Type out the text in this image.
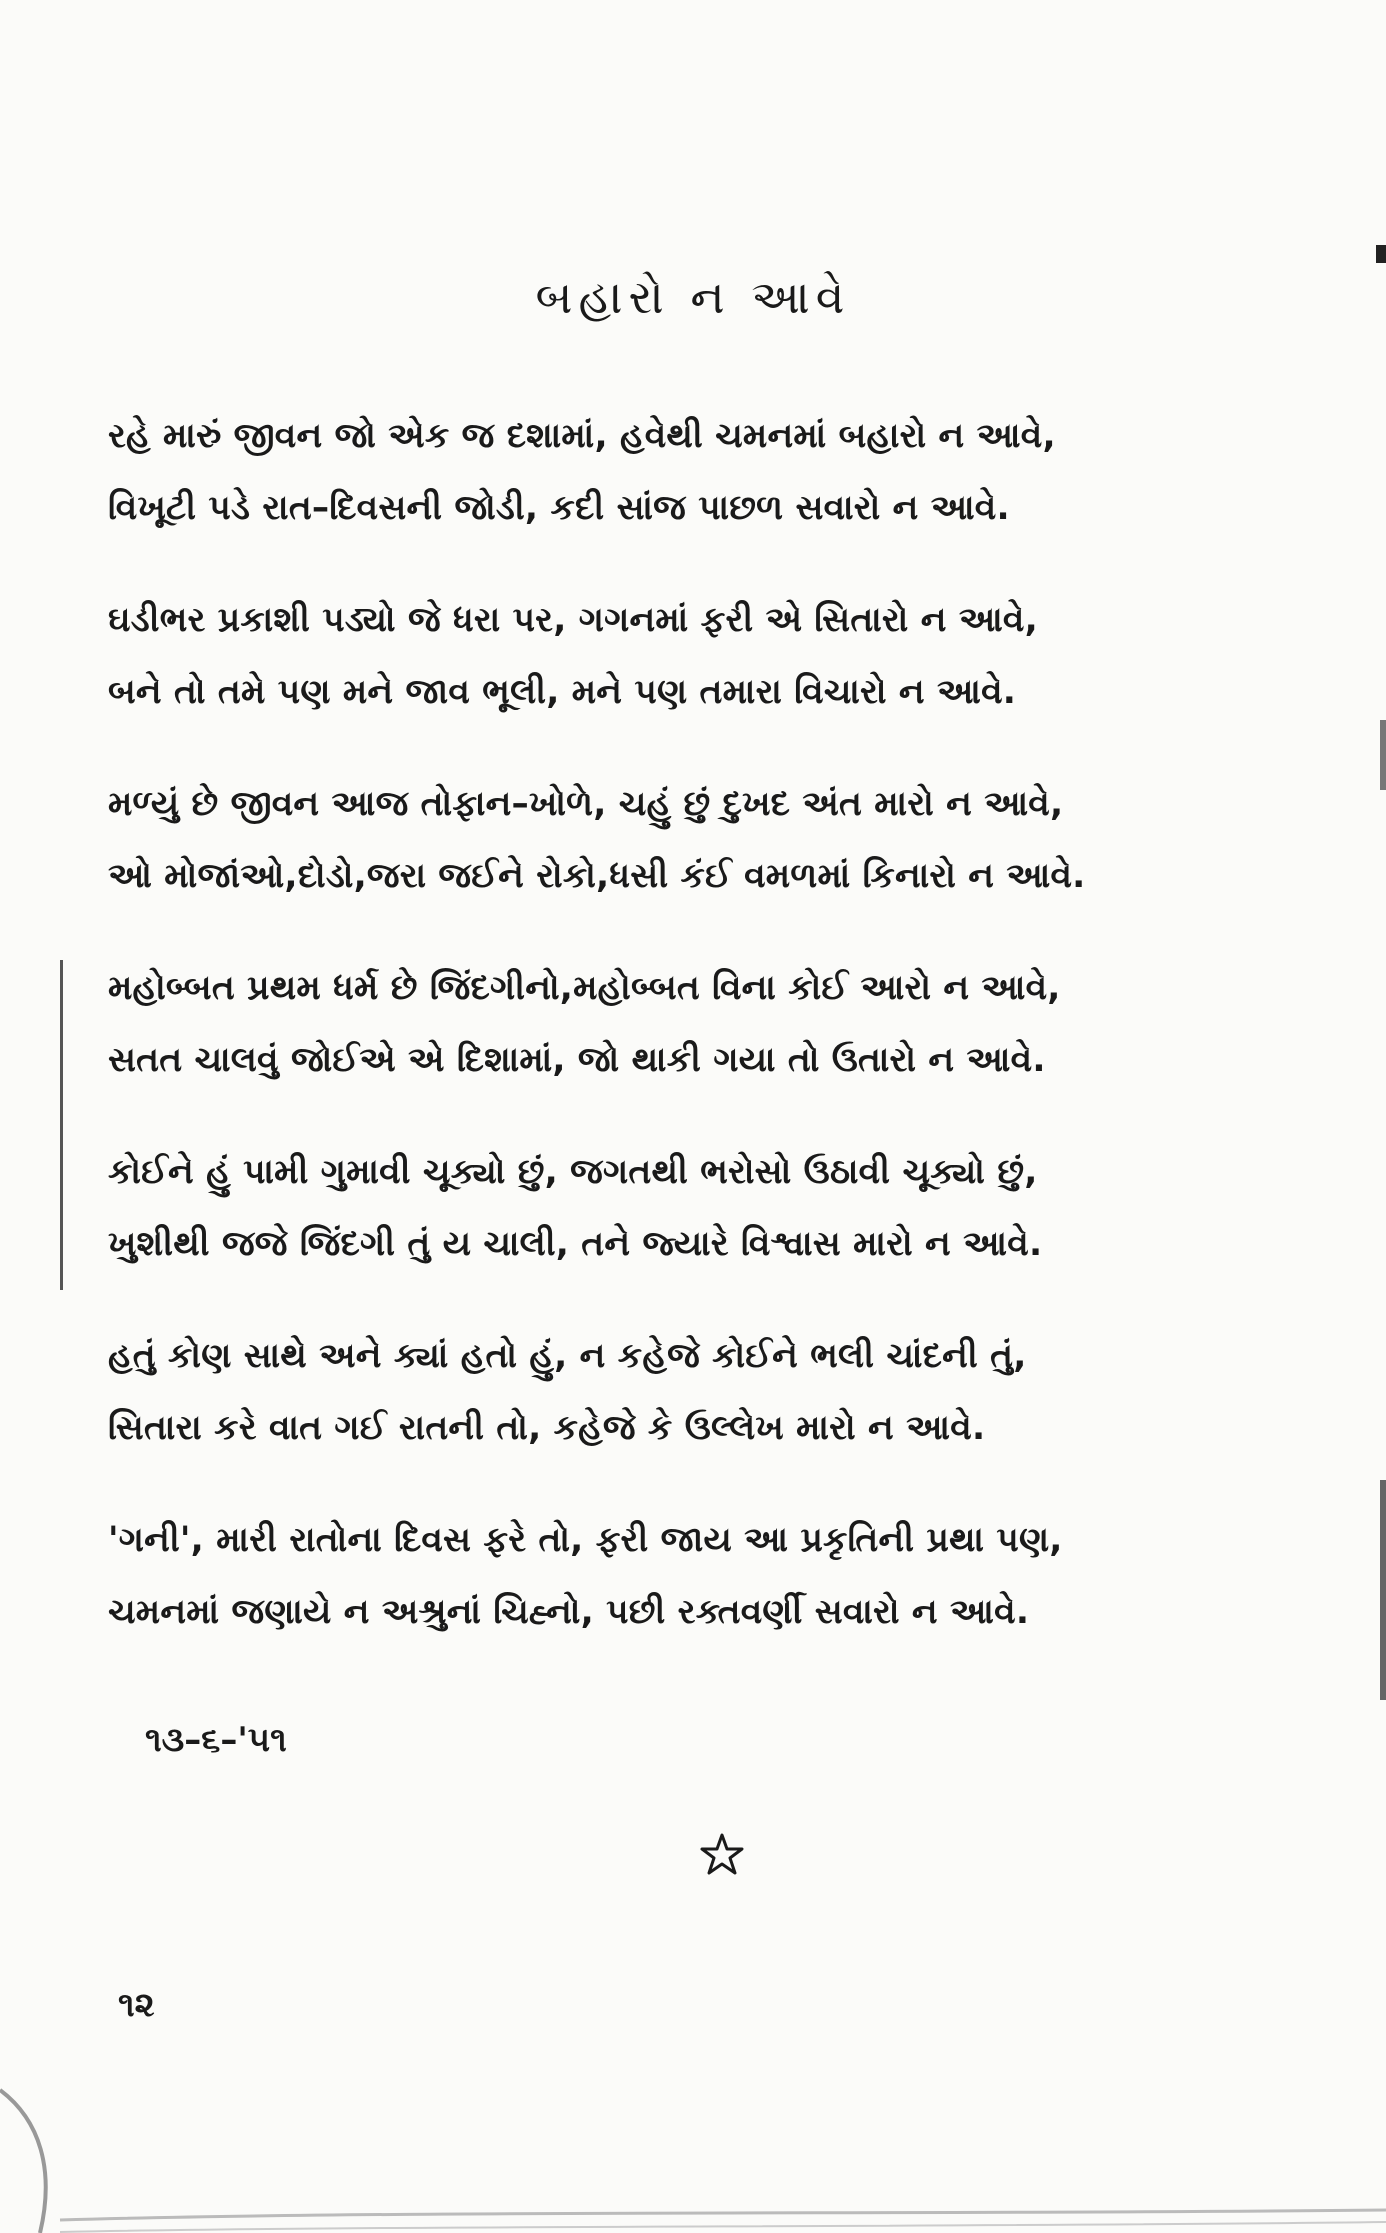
બહારો ન આવે
રહે મારું જીવન જો એક જ દશામાં, હવેથી ચમનમાં બહારો ન આવે,
વિખૂટી પડે રાત–દિવસની જોડી, કદી સાંજ પાછળ સવારો ન આવે.
ઘડીભર પ્રકાશી પડ્યો જે ધરા પર, ગગનમાં ફરી એ સિતારો ન આવે,
બને તો તમે પણ મને જાવ ભૂલી, મને પણ તમારા વિચારો ન આવે.
મળ્યું છે જીવન આજ તોફાન–ખોળે, ચહું છું દુખદ અંત મારો ન આવે,
ઓ મોજાંઓ,દોડો,જરા જઈને રોકો,ધસી કંઈ વમળમાં કિનારો ન આવે.
મહોબ્બત પ્રથમ ધર્મ છે જિંદગીનો,મહોબ્બત વિના કોઈ આરો ન આવે,
સતત ચાલવું જોઈએ એ દિશામાં, જો થાકી ગયા તો ઉતારો ન આવે.
કોઈને હું પામી ગુમાવી ચૂક્યો છું, જગતથી ભરોસો ઉઠાવી ચૂક્યો છું,
ખુશીથી જજે જિંદગી તું ય ચાલી, તને જ્યારે વિશ્વાસ મારો ન આવે.
હતું કોણ સાથે અને ક્યાં હતો હું, ન કહેજે કોઈને ભલી ચાંદની તું,
સિતારા કરે વાત ગઈ રાતની તો, કહેજે કે ઉલ્લેખ મારો ન આવે.
'ગની', મારી રાતોના દિવસ ફરે તો, ફરી જાય આ પ્રકૃતિની પ્રથા પણ,
ચમનમાં જણાયે ન અશ્રુનાં ચિહ્નો, પછી રક્તવર્ણી સવારો ન આવે.
૧૩–૬–'૫૧
૧૨
